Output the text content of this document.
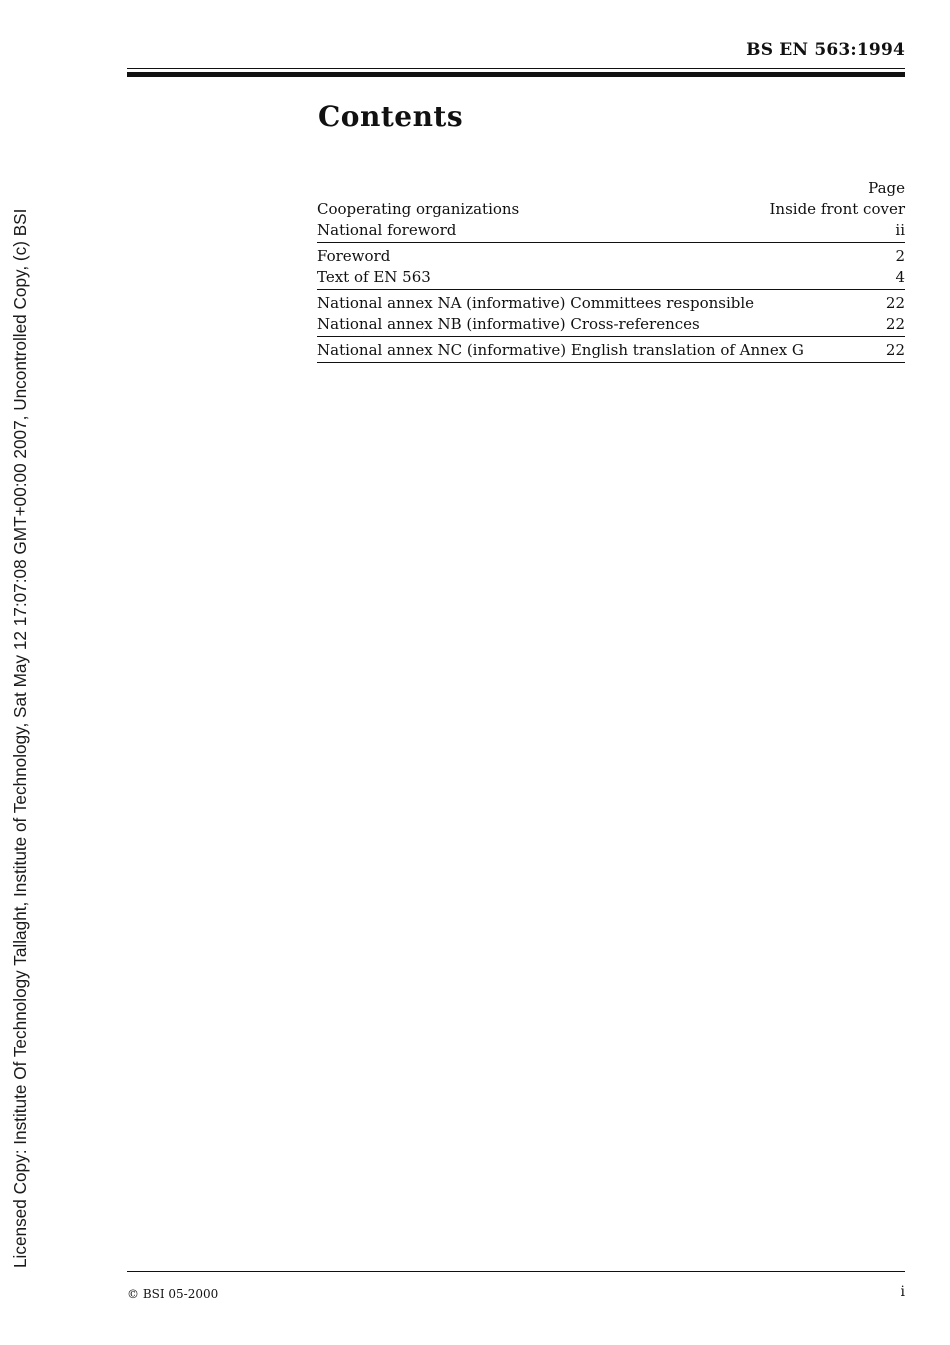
Licensed Copy: Institute Of Technology Tallaght, Institute of Technology, Sat May 12 17:07:08 GMT+00:00 2007, Uncontrolled Copy, (c) BSI
BS EN 563:1994
Contents
Page
Cooperating organizations	Inside front cover
National foreword	ii
Foreword	2
Text of EN 563	4
National annex NA (informative) Committees responsible	22
National annex NB (informative) Cross-references	22
National annex NC (informative) English translation of Annex G	22
© BSI 05-2000	i
